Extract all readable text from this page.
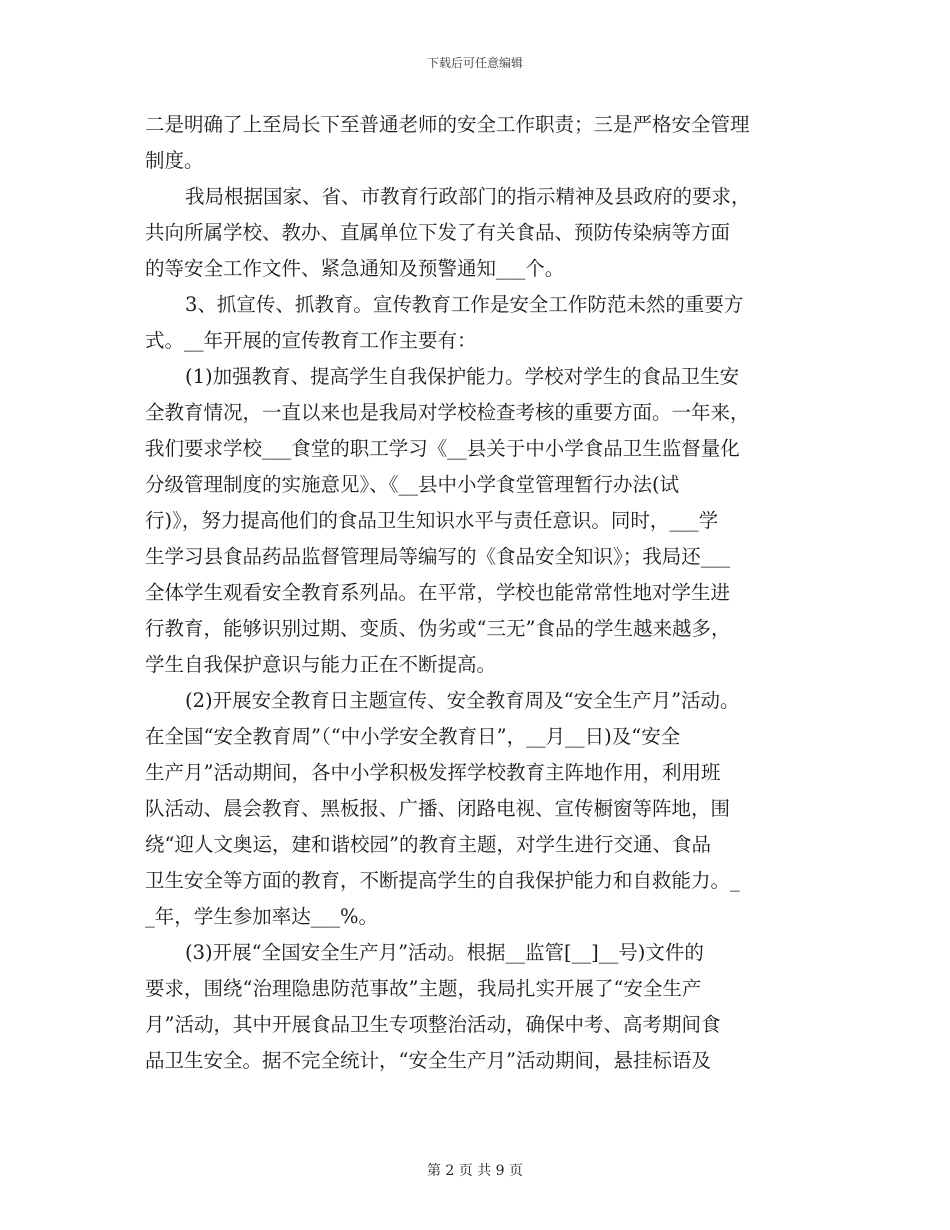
下载后可任意编辑
二是明确了上至局长下至普通老师的安全工作职责；三是严格安全管理
制度。
我局根据国家、省、市教育行政部门的指示精神及县政府的要求，
共向所属学校、教办、直属单位下发了有关食品、预防传染病等方面
的等安全工作文件、紧急通知及预警通知___个。
3、抓宣传、抓教育。宣传教育工作是安全工作防范未然的重要方
式。__年开展的宣传教育工作主要有：
(1)加强教育、提高学生自我保护能力。学校对学生的食品卫生安
全教育情况，一直以来也是我局对学校检查考核的重要方面。一年来，
我们要求学校___食堂的职工学习《__县关于中小学食品卫生监督量化
分级管理制度的实施意见》、《__县中小学食堂管理暂行办法(试
行)》，努力提高他们的食品卫生知识水平与责任意识。同时，___学
生学习县食品药品监督管理局等编写的《食品安全知识》；我局还___
全体学生观看安全教育系列品。在平常，学校也能常常性地对学生进
行教育，能够识别过期、变质、伪劣或“三无”食品的学生越来越多，
学生自我保护意识与能力正在不断提高。
(2)开展安全教育日主题宣传、安全教育周及“安全生产月”活动。
在全国“安全教育周”（“中小学安全教育日”，__月__日)及“安全
生产月”活动期间，各中小学积极发挥学校教育主阵地作用，利用班
队活动、晨会教育、黑板报、广播、闭路电视、宣传橱窗等阵地，围
绕“迎人文奥运，建和谐校园”的教育主题，对学生进行交通、食品
卫生安全等方面的教育，不断提高学生的自我保护能力和自救能力。_
_年，学生参加率达___%。
(3)开展“全国安全生产月”活动。根据__监管[__]__号)文件的
要求，围绕“治理隐患防范事故”主题，我局扎实开展了“安全生产
月”活动，其中开展食品卫生专项整治活动，确保中考、高考期间食
品卫生安全。据不完全统计，“安全生产月”活动期间，悬挂标语及
第 2 页 共 9 页
